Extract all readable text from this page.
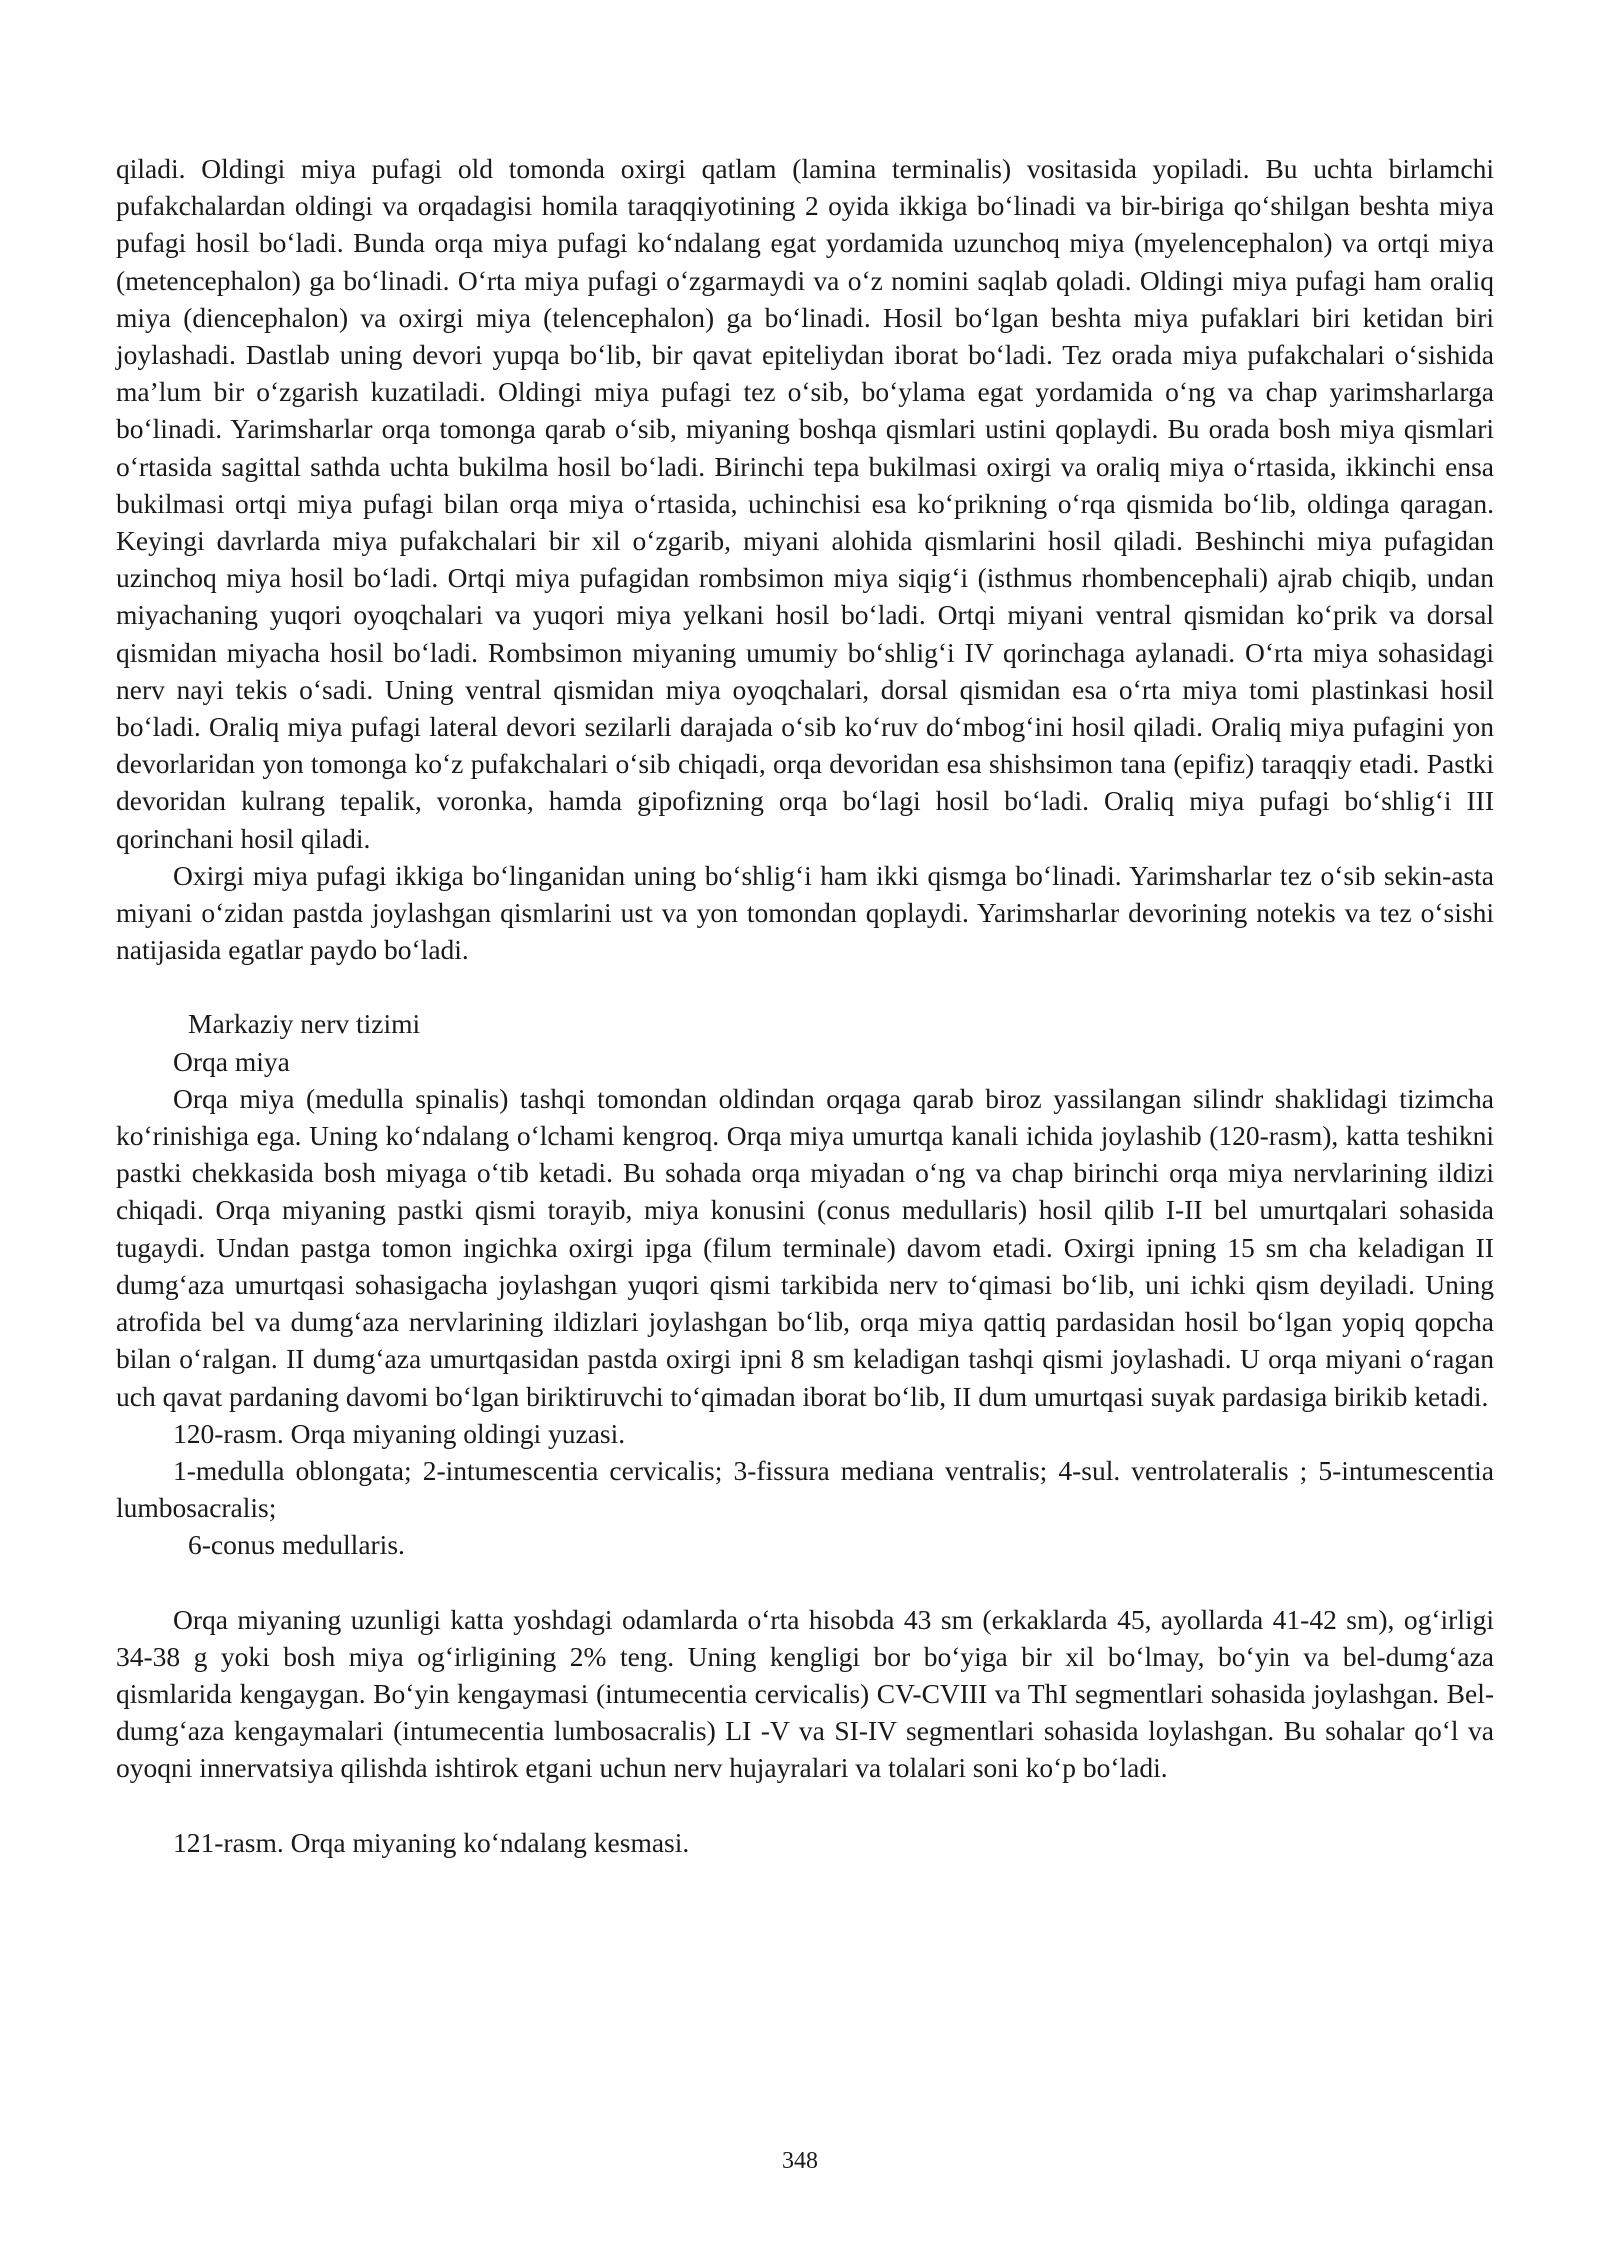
qiladi. Oldingi miya pufagi old tomonda oxirgi qatlam (lamina terminalis) vositasida yopiladi. Bu uchta birlamchi pufakchalardan oldingi va orqadagisi homila taraqqiyotining 2 oyida ikkiga bo‘linadi va bir-biriga qo‘shilgan beshta miya pufagi hosil bo‘ladi. Bunda orqa miya pufagi ko‘ndalang egat yordamida uzunchoq miya (myelencephalon) va ortqi miya (metencephalon) ga bo‘linadi. O‘rta miya pufagi o‘zgarmaydi va o‘z nomini saqlab qoladi. Oldingi miya pufagi ham oraliq miya (diencephalon) va oxirgi miya (telencephalon) ga bo‘linadi. Hosil bo‘lgan beshta miya pufaklari biri ketidan biri joylashadi. Dastlab uning devori yupqa bo‘lib, bir qavat epiteliydan iborat bo‘ladi. Tez orada miya pufakchalari o‘sishida ma’lum bir o‘zgarish kuzatiladi. Oldingi miya pufagi tez o‘sib, bo‘ylama egat yordamida o‘ng va chap yarimsharlarga bo‘linadi. Yarimsharlar orqa tomonga qarab o‘sib, miyaning boshqa qismlari ustini qoplaydi. Bu orada bosh miya qismlari o‘rtasida sagittal sathda uchta bukilma hosil bo‘ladi. Birinchi tepa bukilmasi oxirgi va oraliq miya o‘rtasida, ikkinchi ensa bukilmasi ortqi miya pufagi bilan orqa miya o‘rtasida, uchinchisi esa ko‘prikning o‘rqa qismida bo‘lib, oldinga qaragan. Keyingi davrlarda miya pufakchalari bir xil o‘zgarib, miyani alohida qismlarini hosil qiladi. Beshinchi miya pufagidan uzinchoq miya hosil bo‘ladi. Ortqi miya pufagidan rombsimon miya siqig‘i (isthmus rhombencephali) ajrab chiqib, undan miyachaning yuqori oyoqchalari va yuqori miya yelkani hosil bo‘ladi. Ortqi miyani ventral qismidan ko‘prik va dorsal qismidan miyacha hosil bo‘ladi. Rombsimon miyaning umumiy bo‘shlig‘i IV qorinchaga aylanadi. O‘rta miya sohasidagi nerv nayi tekis o‘sadi. Uning ventral qismidan miya oyoqchalari, dorsal qismidan esa o‘rta miya tomi plastinkasi hosil bo‘ladi. Oraliq miya pufagi lateral devori sezilarli darajada o‘sib ko‘ruv do‘mbog‘ini hosil qiladi. Oraliq miya pufagini yon devorlaridan yon tomonga ko‘z pufakchalari o‘sib chiqadi, orqa devoridan esa shishsimon tana (epifiz) taraqqiy etadi. Pastki devoridan kulrang tepalik, voronka, hamda gipofizning orqa bo‘lagi hosil bo‘ladi. Oraliq miya pufagi bo‘shlig‘i III qorinchani hosil qiladi.

Oxirgi miya pufagi ikkiga bo‘linganidan uning bo‘shlig‘i ham ikki qismga bo‘linadi. Yarimsharlar tez o‘sib sekin-asta miyani o‘zidan pastda joylashgan qismlarini ust va yon tomondan qoplaydi. Yarimsharlar devorining notekis va tez o‘sishi natijasida egatlar paydo bo‘ladi.

Markaziy nerv tizimi

Orqa miya

Orqa miya (medulla spinalis) tashqi tomondan oldindan orqaga qarab biroz yassilangan silindr shaklidagi tizimcha ko‘rinishiga ega. Uning ko‘ndalang o‘lchami kengroq. Orqa miya umurtqa kanali ichida joylashib (120-rasm), katta teshikni pastki chekkasida bosh miyaga o‘tib ketadi. Bu sohada orqa miyadan o‘ng va chap birinchi orqa miya nervlarining ildizi chiqadi. Orqa miyaning pastki qismi torayib, miya konusini (conus medullaris) hosil qilib I-II bel umurtqalari sohasida tugaydi. Undan pastga tomon ingichka oxirgi ipga (filum terminale) davom etadi. Oxirgi ipning 15 sm cha keladigan II dumg‘aza umurtqasi sohasigacha joylashgan yuqori qismi tarkibida nerv to‘qimasi bo‘lib, uni ichki qism deyiladi. Uning atrofida bel va dumg‘aza nervlarining ildizlari joylashgan bo‘lib, orqa miya qattiq pardasidan hosil bo‘lgan yopiq qopcha bilan o‘ralgan. II dumg‘aza umurtqasidan pastda oxirgi ipni 8 sm keladigan tashqi qismi joylashadi. U orqa miyani o‘ragan uch qavat pardaning davomi bo‘lgan biriktiruvchi to‘qimadan iborat bo‘lib, II dum umurtqasi suyak pardasiga birikib ketadi.

120-rasm. Orqa miyaning oldingi yuzasi.

1-medulla oblongata; 2-intumescentia cervicalis; 3-fissura mediana ventralis; 4-sul. ventrolateralis ; 5-intumescentia lumbosacralis;

6-conus medullaris.

Orqa miyaning uzunligi katta yoshdagi odamlarda o‘rta hisobda 43 sm (erkaklarda 45, ayollarda 41-42 sm), og‘irligi 34-38 g yoki bosh miya og‘irligining 2% teng. Uning kengligi bor bo‘yiga bir xil bo‘lmay, bo‘yin va bel-dumg‘aza qismlarida kengaygan. Bo‘yin kengaymasi (intumecentia cervicalis) CV-CVIII va ThI segmentlari sohasida joylashgan. Bel-dumg‘aza kengaymalari (intumecentia lumbosacralis) LI -V va SI-IV segmentlari sohasida loylashgan. Bu sohalar qo‘l va oyoqni innervatsiya qilishda ishtirok etgani uchun nerv hujayralari va tolalari soni ko‘p bo‘ladi.

121-rasm. Orqa miyaning ko‘ndalang kesmasi.

348
